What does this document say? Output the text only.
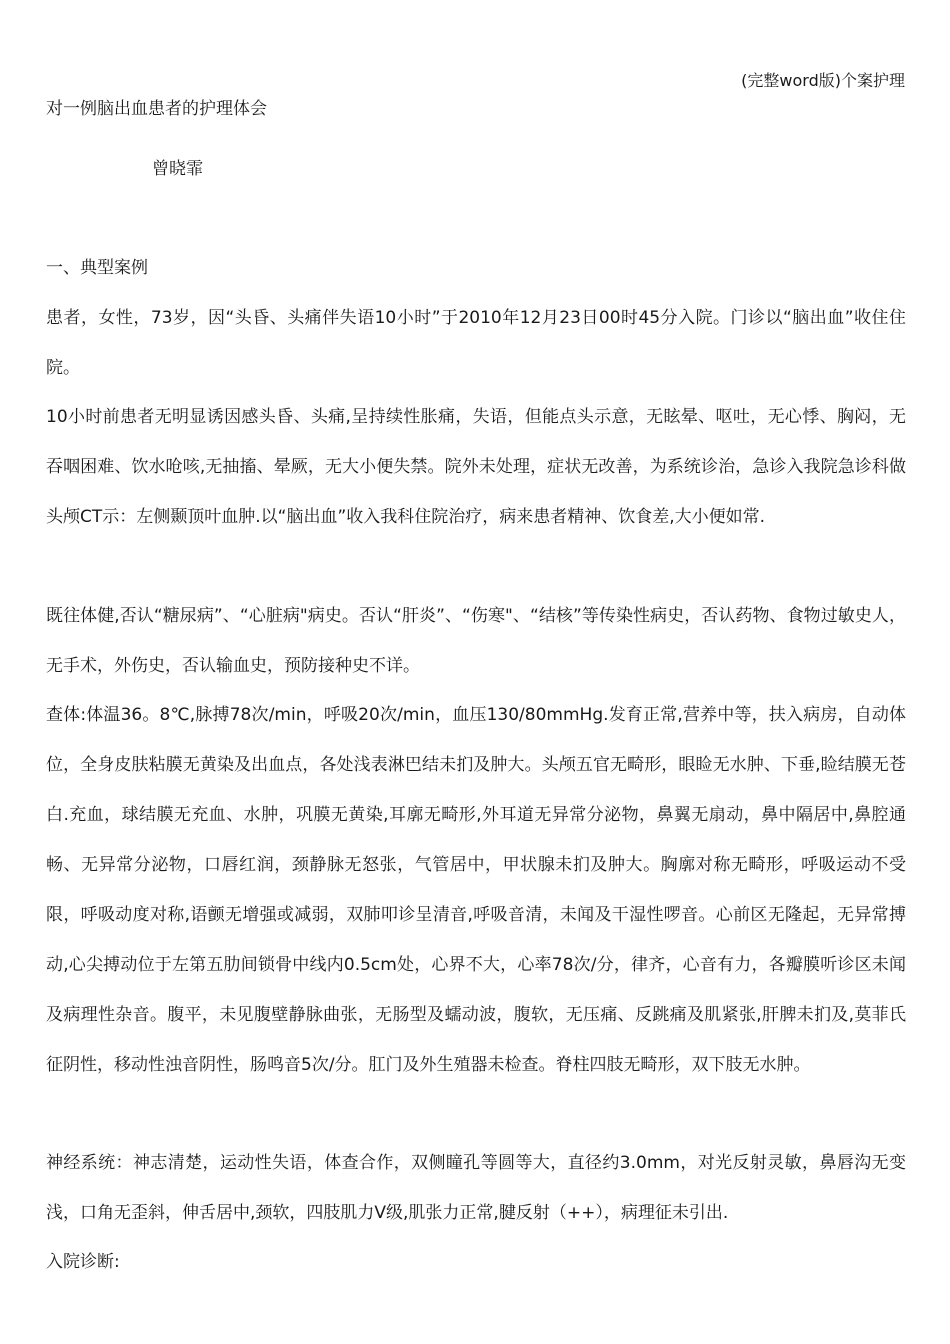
(完整word版)个案护理
对一例脑出血患者的护理体会
曾晓霏
一、典型案例
患者，女性，73岁，因“头昏、头痛伴失语10小时”于2010年12月23日00时45分入院。门诊以“脑出血”收住住院。
10小时前患者无明显诱因感头昏、头痛,呈持续性胀痛，失语，但能点头示意，无眩晕、呕吐，无心悸、胸闷，无吞咽困难、饮水呛咳,无抽搐、晕厥，无大小便失禁。院外未处理，症状无改善，为系统诊治，急诊入我院急诊科做头颅CT示：左侧颞顶叶血肿.以“脑出血”收入我科住院治疗，病来患者精神、饮食差,大小便如常.
既往体健,否认“糖尿病”、“心脏病"病史。否认“肝炎”、“伤寒"、“结核”等传染性病史，否认药物、食物过敏史人，无手术，外伤史，否认输血史，预防接种史不详。
查体:体温36。8℃,脉搏78次/min，呼吸20次/min，血压130/80mmHg.发育正常,营养中等，扶入病房，自动体位，全身皮肤粘膜无黄染及出血点，各处浅表淋巴结未扪及肿大。头颅五官无畸形，眼睑无水肿、下垂,睑结膜无苍白.充血，球结膜无充血、水肿，巩膜无黄染,耳廓无畸形,外耳道无异常分泌物，鼻翼无扇动，鼻中隔居中,鼻腔通畅、无异常分泌物，口唇红润，颈静脉无怒张，气管居中，甲状腺未扪及肿大。胸廓对称无畸形，呼吸运动不受限，呼吸动度对称,语颤无增强或减弱，双肺叩诊呈清音,呼吸音清，未闻及干湿性啰音。心前区无隆起，无异常搏动,心尖搏动位于左第五肋间锁骨中线内0.5cm处，心界不大，心率78次/分，律齐，心音有力，各瓣膜听诊区未闻及病理性杂音。腹平，未见腹壁静脉曲张，无肠型及蠕动波，腹软，无压痛、反跳痛及肌紧张,肝脾未扪及,莫菲氏征阴性，移动性浊音阴性，肠鸣音5次/分。肛门及外生殖器未检查。脊柱四肢无畸形，双下肢无水肿。
神经系统：神志清楚，运动性失语，体查合作，双侧瞳孔等圆等大，直径约3.0mm，对光反射灵敏，鼻唇沟无变浅，口角无歪斜，伸舌居中,颈软，四肢肌力Ⅴ级,肌张力正常,腱反射（++），病理征未引出.
入院诊断:
